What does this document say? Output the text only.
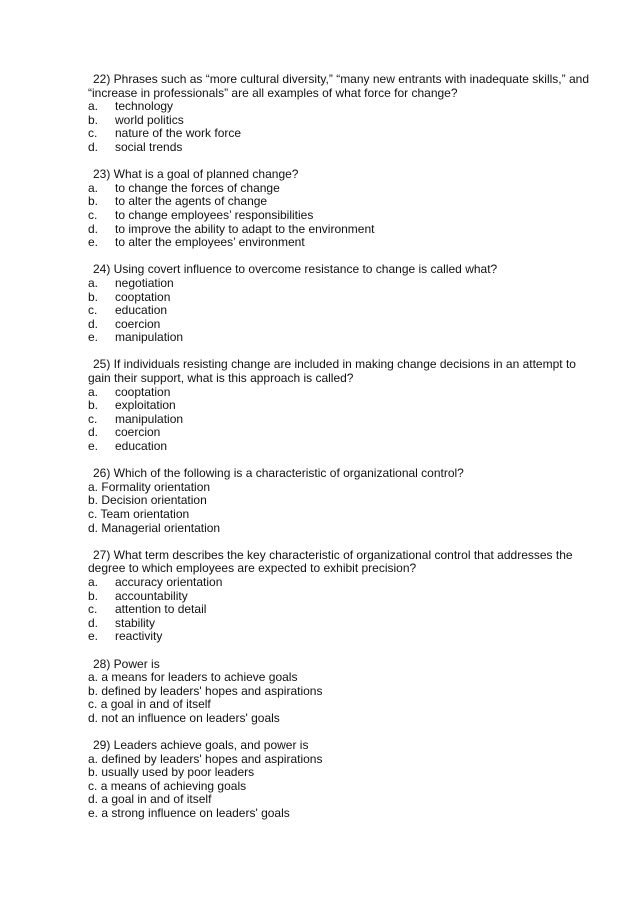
22) Phrases such as “more cultural diversity,” “many new entrants with inadequate skills,” and “increase in professionals” are all examples of what force for change?
a. technology
b. world politics
c. nature of the work force
d. social trends
23) What is a goal of planned change?
a. to change the forces of change
b. to alter the agents of change
c. to change employees’ responsibilities
d. to improve the ability to adapt to the environment
e. to alter the employees’ environment
24) Using covert influence to overcome resistance to change is called what?
a. negotiation
b. cooptation
c. education
d. coercion
e. manipulation
25) If individuals resisting change are included in making change decisions in an attempt to gain their support, what is this approach is called?
a. cooptation
b. exploitation
c. manipulation
d. coercion
e. education
26) Which of the following is a characteristic of organizational control?
a. Formality orientation
b. Decision orientation
c. Team orientation
d. Managerial orientation
27) What term describes the key characteristic of organizational control that addresses the degree to which employees are expected to exhibit precision?
a. accuracy orientation
b. accountability
c. attention to detail
d. stability
e. reactivity
28) Power is
a. a means for leaders to achieve goals
b. defined by leaders' hopes and aspirations
c. a goal in and of itself
d. not an influence on leaders' goals
29) Leaders achieve goals, and power is
a. defined by leaders' hopes and aspirations
b. usually used by poor leaders
c. a means of achieving goals
d. a goal in and of itself
e. a strong influence on leaders' goals
